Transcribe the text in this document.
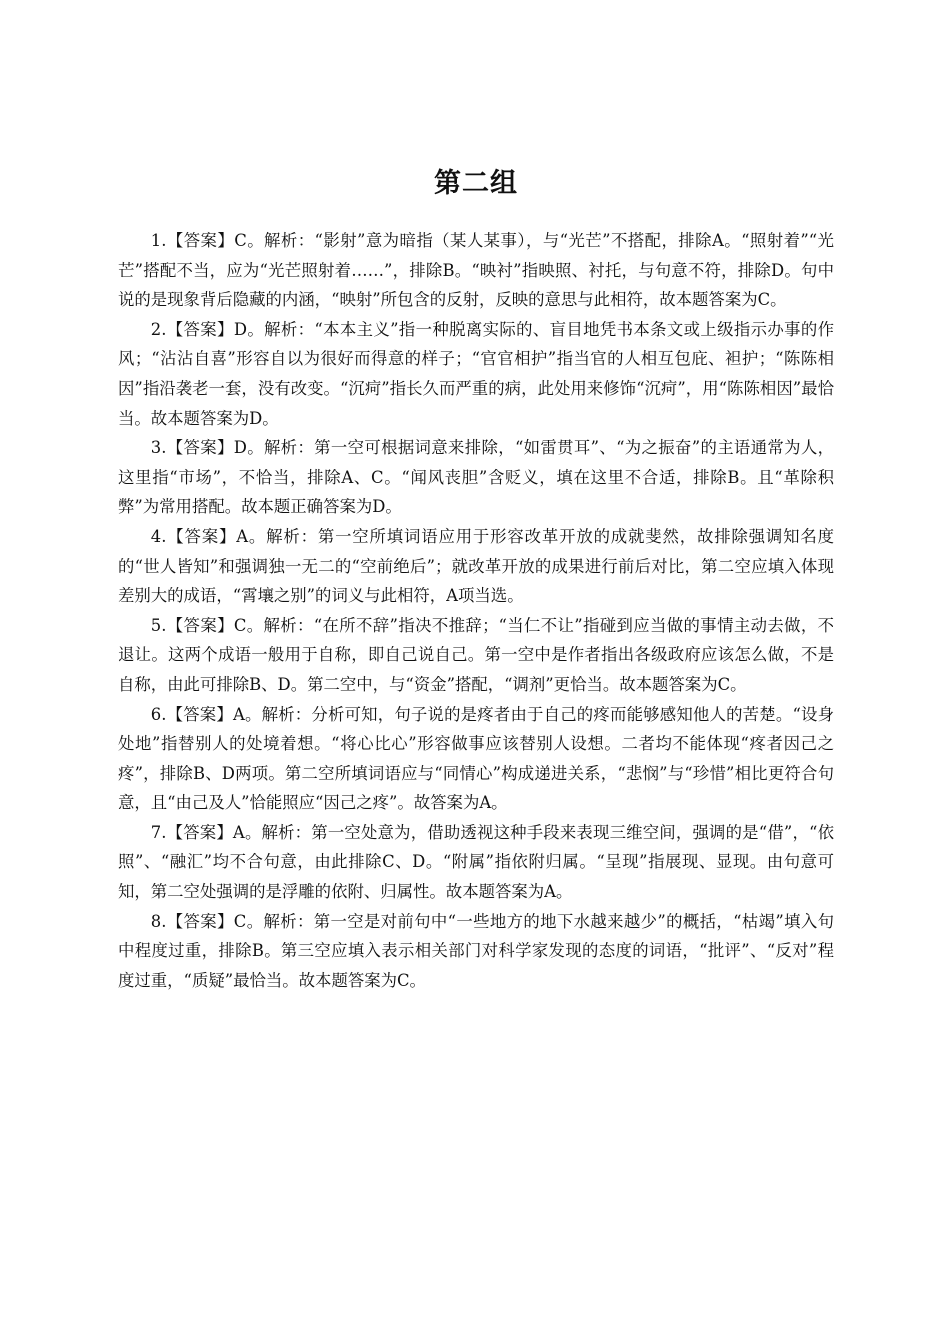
第二组

1.【答案】C。解析：“影射”意为暗指（某人某事），与“光芒”不搭配，排除A。“照射着”“光芒”搭配不当，应为“光芒照射着……”，排除B。“映衬”指映照、衬托，与句意不符，排除D。句中说的是现象背后隐藏的内涵，“映射”所包含的反射，反映的意思与此相符，故本题答案为C。

2.【答案】D。解析：“本本主义”指一种脱离实际的、盲目地凭书本条文或上级指示办事的作风；“沾沾自喜”形容自以为很好而得意的样子；“官官相护”指当官的人相互包庇、袒护；“陈陈相因”指沿袭老一套，没有改变。“沉疴”指长久而严重的病，此处用来修饰“沉疴”，用“陈陈相因”最恰当。故本题答案为D。

3.【答案】D。解析：第一空可根据词意来排除，“如雷贯耳”、“为之振奋”的主语通常为人，这里指“市场”，不恰当，排除A、C。“闻风丧胆”含贬义，填在这里不合适，排除B。且“革除积弊”为常用搭配。故本题正确答案为D。

4.【答案】A。解析：第一空所填词语应用于形容改革开放的成就斐然，故排除强调知名度的“世人皆知”和强调独一无二的“空前绝后”；就改革开放的成果进行前后对比，第二空应填入体现差别大的成语，“霄壤之别”的词义与此相符，A项当选。

5.【答案】C。解析：“在所不辞”指决不推辞；“当仁不让”指碰到应当做的事情主动去做，不退让。这两个成语一般用于自称，即自己说自己。第一空中是作者指出各级政府应该怎么做，不是自称，由此可排除B、D。第二空中，与“资金”搭配，“调剂”更恰当。故本题答案为C。

6.【答案】A。解析：分析可知，句子说的是疼者由于自己的疼而能够感知他人的苦楚。“设身处地”指替别人的处境着想。“将心比心”形容做事应该替别人设想。二者均不能体现“疼者因己之疼”，排除B、D两项。第二空所填词语应与“同情心”构成递进关系，“悲悯”与“珍惜”相比更符合句意，且“由己及人”恰能照应“因己之疼”。故答案为A。

7.【答案】A。解析：第一空处意为，借助透视这种手段来表现三维空间，强调的是“借”，“依照”、“融汇”均不合句意，由此排除C、D。“附属”指依附归属。“呈现”指展现、显现。由句意可知，第二空处强调的是浮雕的依附、归属性。故本题答案为A。

8.【答案】C。解析：第一空是对前句中“一些地方的地下水越来越少”的概括，“枯竭”填入句中程度过重，排除B。第三空应填入表示相关部门对科学家发现的态度的词语，“批评”、“反对”程度过重，“质疑”最恰当。故本题答案为C。
